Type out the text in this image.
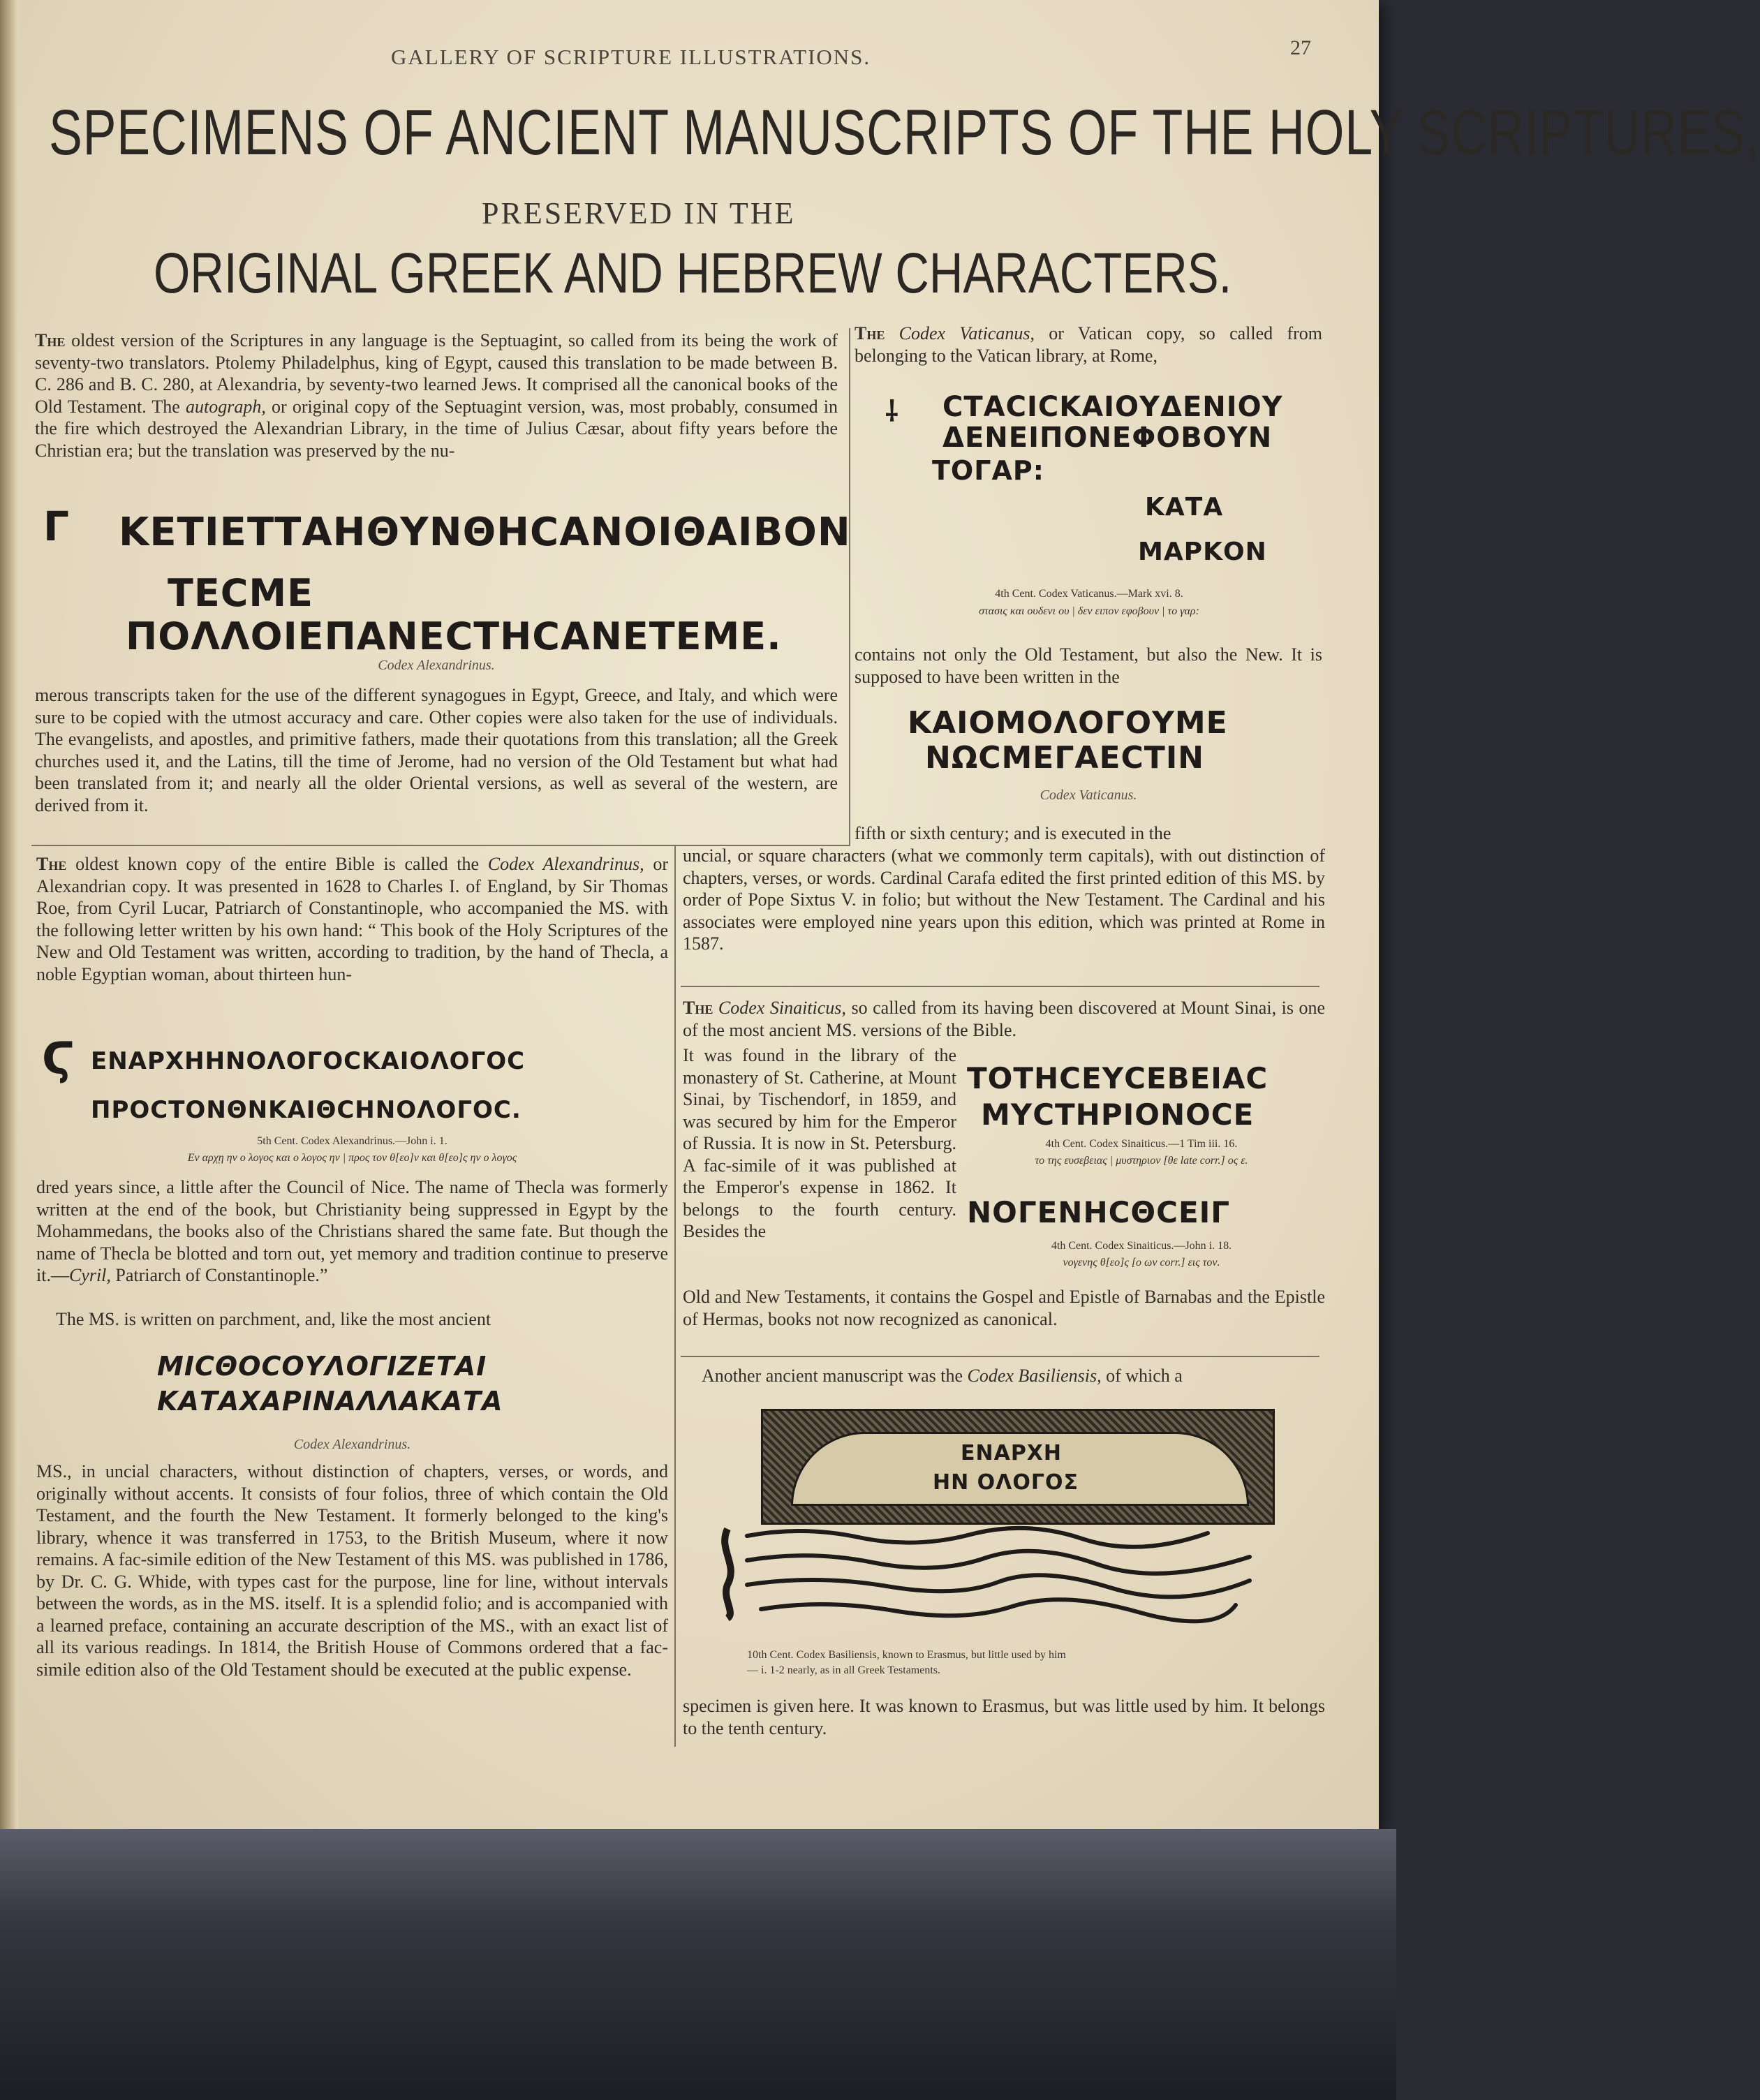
GALLERY OF SCRIPTURE ILLUSTRATIONS.	27
SPECIMENS OF ANCIENT MANUSCRIPTS OF THE HOLY SCRIPTURES,
PRESERVED IN THE
ORIGINAL GREEK AND HEBREW CHARACTERS.
The oldest version of the Scriptures in any language is the Septuagint, so called from its being the work of seventy-two translators. Ptolemy Philadelphus, king of Egypt, caused this translation to be made between B. C. 286 and B. C. 280, at Alexandria, by seventy-two learned Jews. It comprised all the canonical books of the Old Testament. The autograph, or original copy of the Septuagint version, was, most probably, consumed in the fire which destroyed the Alexandrian Library, in the time of Julius Cæsar, about fifty years before the Christian era; but the translation was preserved by the nu-
Γ ΚΕΤΙΕΤΤΑΗΘΥΝΘΗCΑΝΟΙΘΑΙΒΟΝ
ΤΕCΜΕ
ΠΟΛΛΟΙΕΠΑΝΕCΤΗCΑΝΕΤΕΜΕ.
Codex Alexandrinus.
merous transcripts taken for the use of the different synagogues in Egypt, Greece, and Italy, and which were sure to be copied with the utmost accuracy and care. Other copies were also taken for the use of individuals. The evangelists, and apostles, and primitive fathers, made their quotations from this translation; all the Greek churches used it, and the Latins, till the time of Jerome, had no version of the Old Testament but what had been translated from it; and nearly all the older Oriental versions, as well as several of the western, are derived from it.
The Codex Vaticanus, or Vatican copy, so called from belonging to the Vatican library, at Rome,
⸸ CΤΑCΙCΚΑΙΟΥΔΕΝΙΟΥ
ΔΕΝΕΙΠΟΝΕΦΟΒΟΥΝ
ΤΟΓΑΡ:
ΚΑΤΑ
ΜΑΡΚΟΝ
4th Cent. Codex Vaticanus.—Mark xvi. 8.
στασις και ουδενι ου | δεν ειπον εφοβουν | το γαρ:
contains not only the Old Testament, but also the New. It is supposed to have been written in the
ΚΑΙΟΜΟΛΟΓΟΥΜΕ
ΝΩCΜΕΓΑΕCΤΙΝ
Codex Vaticanus.
fifth or sixth century; and is executed in the
uncial, or square characters (what we commonly term capitals), with out distinction of chapters, verses, or words. Cardinal Carafa edited the first printed edition of this MS. by order of Pope Sixtus V. in folio; but without the New Testament. The Cardinal and his associates were employed nine years upon this edition, which was printed at Rome in 1587.
The oldest known copy of the entire Bible is called the Codex Alexandrinus, or Alexandrian copy. It was presented in 1628 to Charles I. of England, by Sir Thomas Roe, from Cyril Lucar, Patriarch of Constantinople, who accompanied the MS. with the following letter written by his own hand: “ This book of the Holy Scriptures of the New and Old Testament was written, according to tradition, by the hand of Thecla, a noble Egyptian woman, about thirteen hun-
Ϛ ΕΝΑΡΧΗΗΝΟΛΟΓΟCΚΑΙΟΛΟΓΟC
ΠΡΟCΤΟΝΘΝΚΑΙΘCΗΝΟΛΟΓΟC.
5th Cent. Codex Alexandrinus.—John i. 1.
Εν αρχῃ ην ο λογος και ο λογος ην | προς τον θ[εο]ν και θ[εο]ς ην ο λογος
dred years since, a little after the Council of Nice. The name of Thecla was formerly written at the end of the book, but Christianity being suppressed in Egypt by the Mohammedans, the books also of the Christians shared the same fate. But though the name of Thecla be blotted and torn out, yet memory and tradition continue to preserve it.—Cyril, Patriarch of Constantinople.”
The MS. is written on parchment, and, like the most ancient
ΜΙCΘΟCΟΥΛΟΓΙΖΕΤΑΙ
ΚΑΤΑΧΑΡΙΝΑΛΛΑΚΑΤΑ
Codex Alexandrinus.
MS., in uncial characters, without distinction of chapters, verses, or words, and originally without accents. It consists of four folios, three of which contain the Old Testament, and the fourth the New Testament. It formerly belonged to the king's library, whence it was transferred in 1753, to the British Museum, where it now remains. A fac-simile edition of the New Testament of this MS. was published in 1786, by Dr. C. G. Whide, with types cast for the purpose, line for line, without intervals between the words, as in the MS. itself. It is a splendid folio; and is accompanied with a learned preface, containing an accurate description of the MS., with an exact list of all its various readings. In 1814, the British House of Commons ordered that a fac-simile edition also of the Old Testament should be executed at the public expense.
The Codex Sinaiticus, so called from its having been discovered at Mount Sinai, is one of the most ancient MS. versions of the Bible.
It was found in the library of the monastery of St. Catherine, at Mount Sinai, by Tischendorf, in 1859, and was secured by him for the Emperor of Russia. It is now in St. Petersburg. A fac-simile of it was published at the Emperor's expense in 1862. It belongs to the fourth century. Besides the
ΤΟΤΗCΕΥCΕΒΕΙΑC
ΜΥCΤΗΡΙΟΝΟCΕ
4th Cent. Codex Sinaiticus.—1 Tim iii. 16.
το της ευσεβειας | μυστηριον [θε late corr.] ος ε.
ΝΟΓΕΝΗCΘCΕΙΓ
4th Cent. Codex Sinaiticus.—John i. 18.
νογενης θ[εο]ς [ο ων corr.] εις τον.
Old and New Testaments, it contains the Gospel and Epistle of Barnabas and the Epistle of Hermas, books not now recognized as canonical.
Another ancient manuscript was the Codex Basiliensis, of which a
ΕΝΑΡΧΗ
ΗΝ ΟΛΟΓΟΣ
10th Cent. Codex Basiliensis, known to Erasmus, but little used by him
— i. 1-2 nearly, as in all Greek Testaments.
specimen is given here. It was known to Erasmus, but was little used by him. It belongs to the tenth century.
